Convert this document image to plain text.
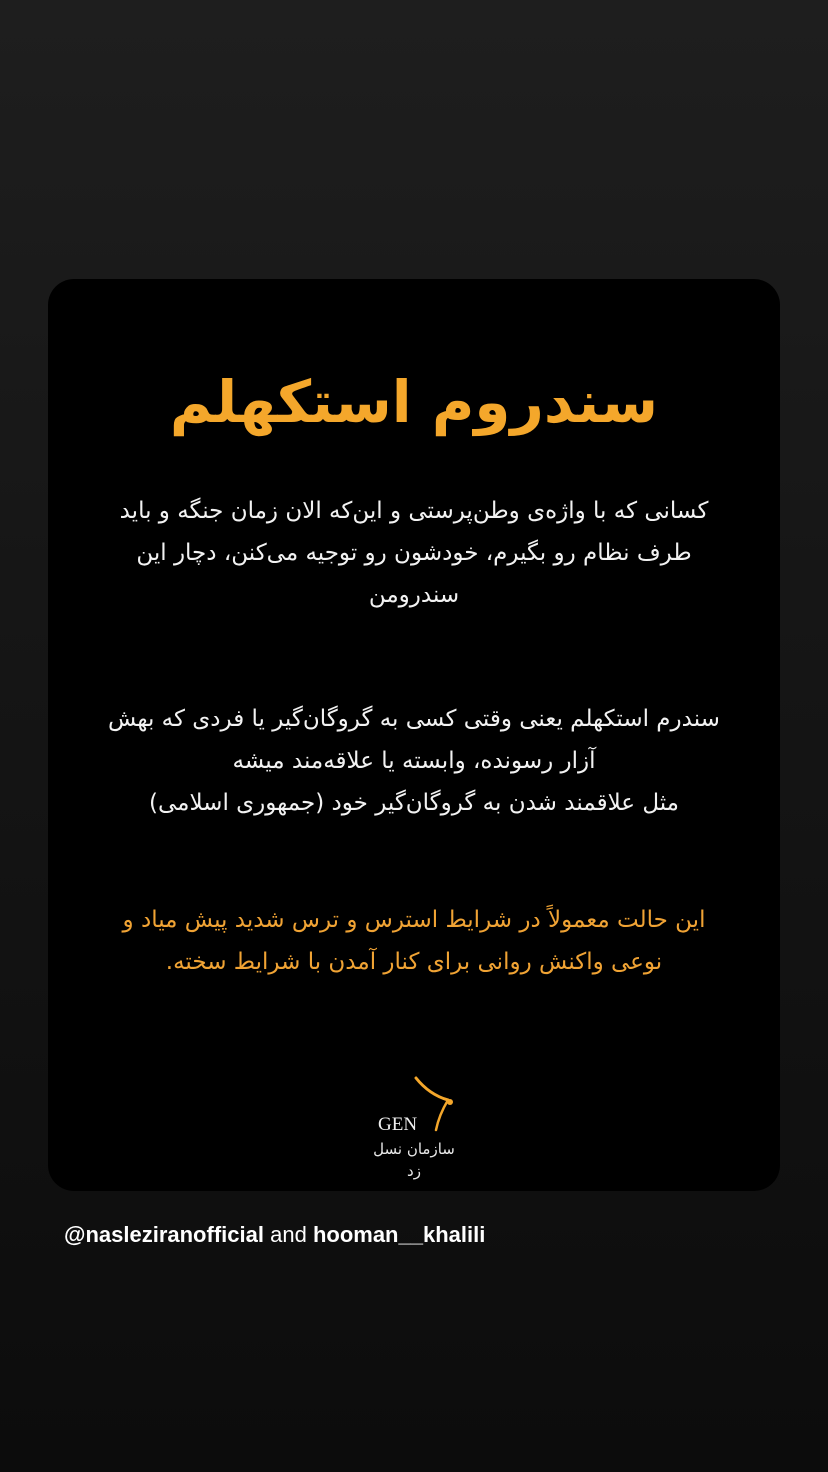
سندروم استکهلم

کسانی که با واژه‌ی وطن‌پرستی و این‌که الان زمان جنگه و باید
طرف نظام رو بگیرم، خودشون رو توجیه می‌کنن، دچار این
سندرومن

سندرم استکهلم یعنی وقتی کسی به گروگان‌گیر یا فردی که بهش
آزار رسونده، وابسته یا علاقه‌مند میشه
مثل علاقمند شدن به گروگان‌گیر خود (جمهوری اسلامی)

این حالت معمولاً در شرایط استرس و ترس شدید پیش میاد و
نوعی واکنش روانی برای کنار آمدن با شرایط سخته.

GEN
سازمان نسل زد
@nasleziranofficial and hooman__khalili
